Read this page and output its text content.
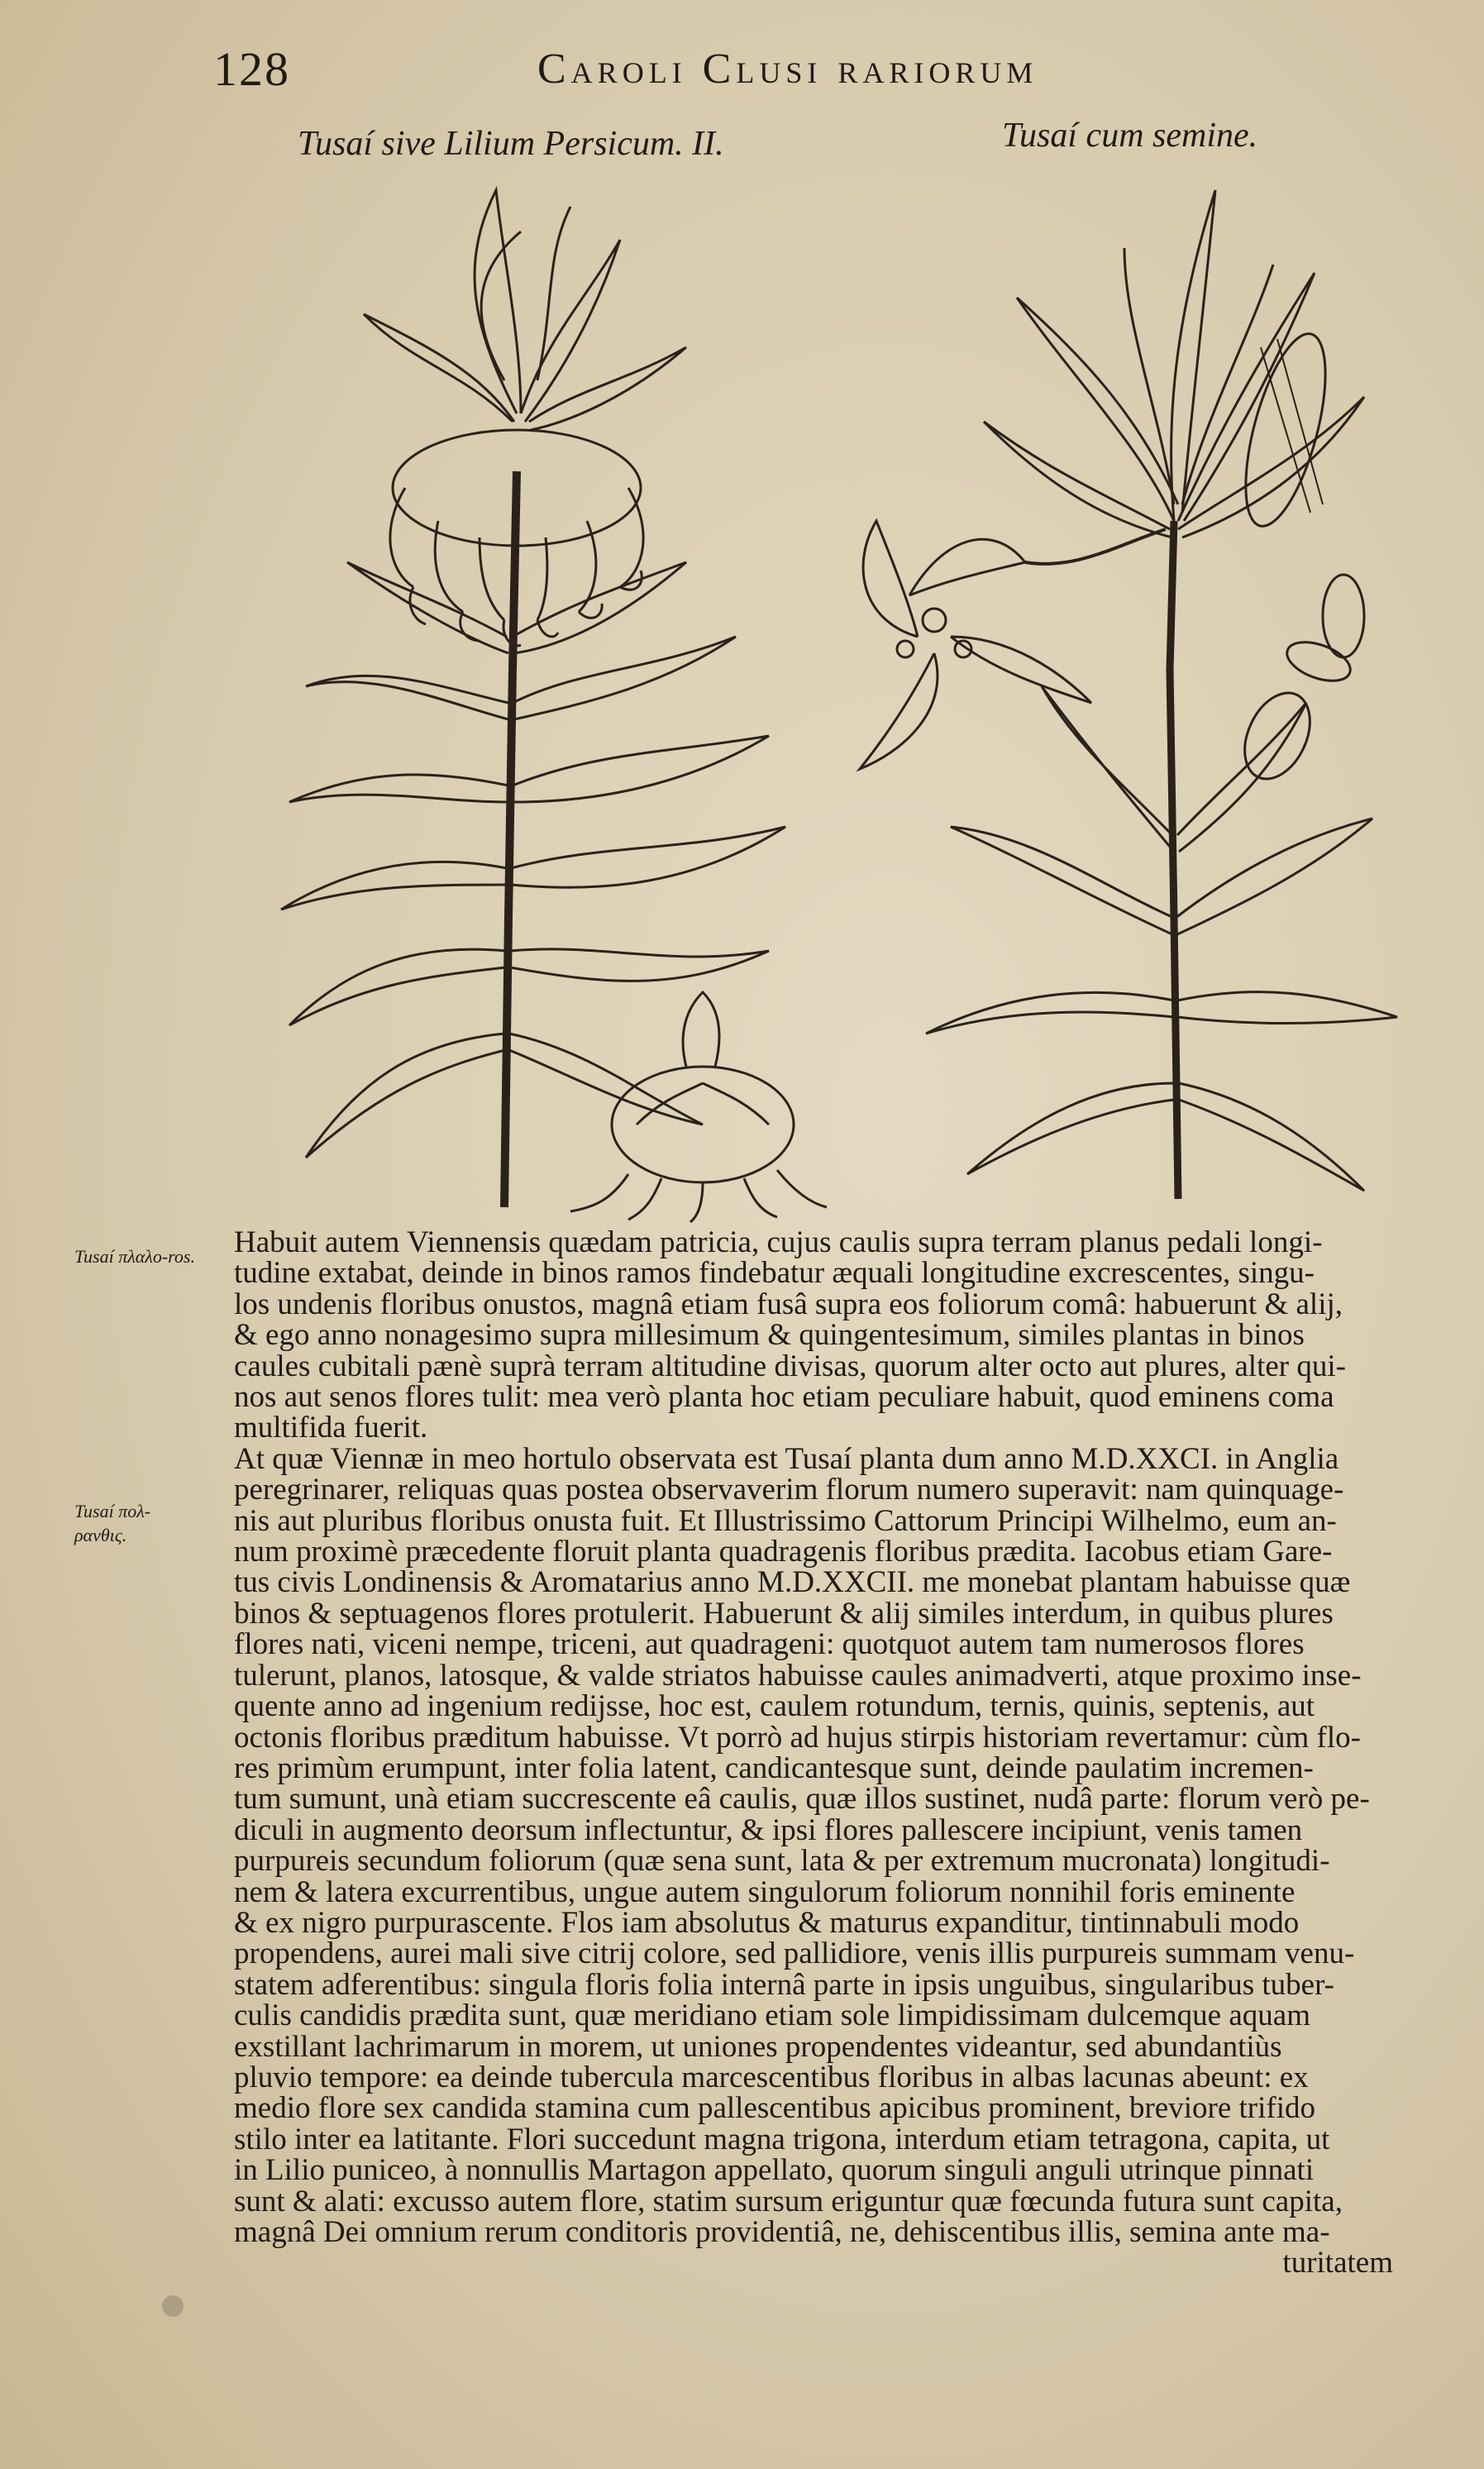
128	Caroli Clusi rariorum
Tusaí sive Lilium Persicum. II.	Tusaí cum semine.
Tusaí πλαλο-ros.
Tusaí πολ-ρανθις.

Habuit autem Viennensis quædam patricia, cujus caulis supra terram planus pedali longi-
tudine extabat, deinde in binos ramos findebatur æquali longitudine excrescentes, singu-
los undenis floribus onustos, magnâ etiam fusâ supra eos foliorum comâ: habuerunt & alij,
& ego anno nonagesimo supra millesimum & quingentesimum, similes plantas in binos
caules cubitali pænè suprà terram altitudine divisas, quorum alter octo aut plures, alter qui-
nos aut senos flores tulit: mea verò planta hoc etiam peculiare habuit, quod eminens coma
multifida fuerit.

At quæ Viennæ in meo hortulo observata est Tusaí planta dum anno M.D.XXCI. in Anglia
peregrinarer, reliquas quas postea observaverim florum numero superavit: nam quinquage-
nis aut pluribus floribus onusta fuit. Et Illustrissimo Cattorum Principi Wilhelmo, eum an-
num proximè præcedente floruit planta quadragenis floribus prædita. Iacobus etiam Gare-
tus civis Londinensis & Aromatarius anno M.D.XXCII. me monebat plantam habuisse quæ
binos & septuagenos flores protulerit. Habuerunt & alij similes interdum, in quibus plures
flores nati, viceni nempe, triceni, aut quadrageni: quotquot autem tam numerosos flores
tulerunt, planos, latosque, & valde striatos habuisse caules animadverti, atque proximo inse-
quente anno ad ingenium redijsse, hoc est, caulem rotundum, ternis, quinis, septenis, aut
octonis floribus præditum habuisse. Vt porrò ad hujus stirpis historiam revertamur: cùm flo-
res primùm erumpunt, inter folia latent, candicantesque sunt, deinde paulatim incremen-
tum sumunt, unà etiam succrescente eâ caulis, quæ illos sustinet, nudâ parte: florum verò pe-
diculi in augmento deorsum inflectuntur, & ipsi flores pallescere incipiunt, venis tamen
purpureis secundum foliorum (quæ sena sunt, lata & per extremum mucronata) longitudi-
nem & latera excurrentibus, ungue autem singulorum foliorum nonnihil foris eminente
& ex nigro purpurascente. Flos iam absolutus & maturus expanditur, tintinnabuli modo
propendens, aurei mali sive citrij colore, sed pallidiore, venis illis purpureis summam venu-
statem adferentibus: singula floris folia internâ parte in ipsis unguibus, singularibus tuber-
culis candidis prædita sunt, quæ meridiano etiam sole limpidissimam dulcemque aquam
exstillant lachrimarum in morem, ut uniones propendentes videantur, sed abundantiùs
pluvio tempore: ea deinde tubercula marcescentibus floribus in albas lacunas abeunt: ex
medio flore sex candida stamina cum pallescentibus apicibus prominent, breviore trifido
stilo inter ea latitante. Flori succedunt magna trigona, interdum etiam tetragona, capita, ut
in Lilio puniceo, à nonnullis Martagon appellato, quorum singuli anguli utrinque pinnati
sunt & alati: excusso autem flore, statim sursum eriguntur quæ fœcunda futura sunt capita,
magnâ Dei omnium rerum conditoris providentiâ, ne, dehiscentibus illis, semina ante ma-

turitatem
